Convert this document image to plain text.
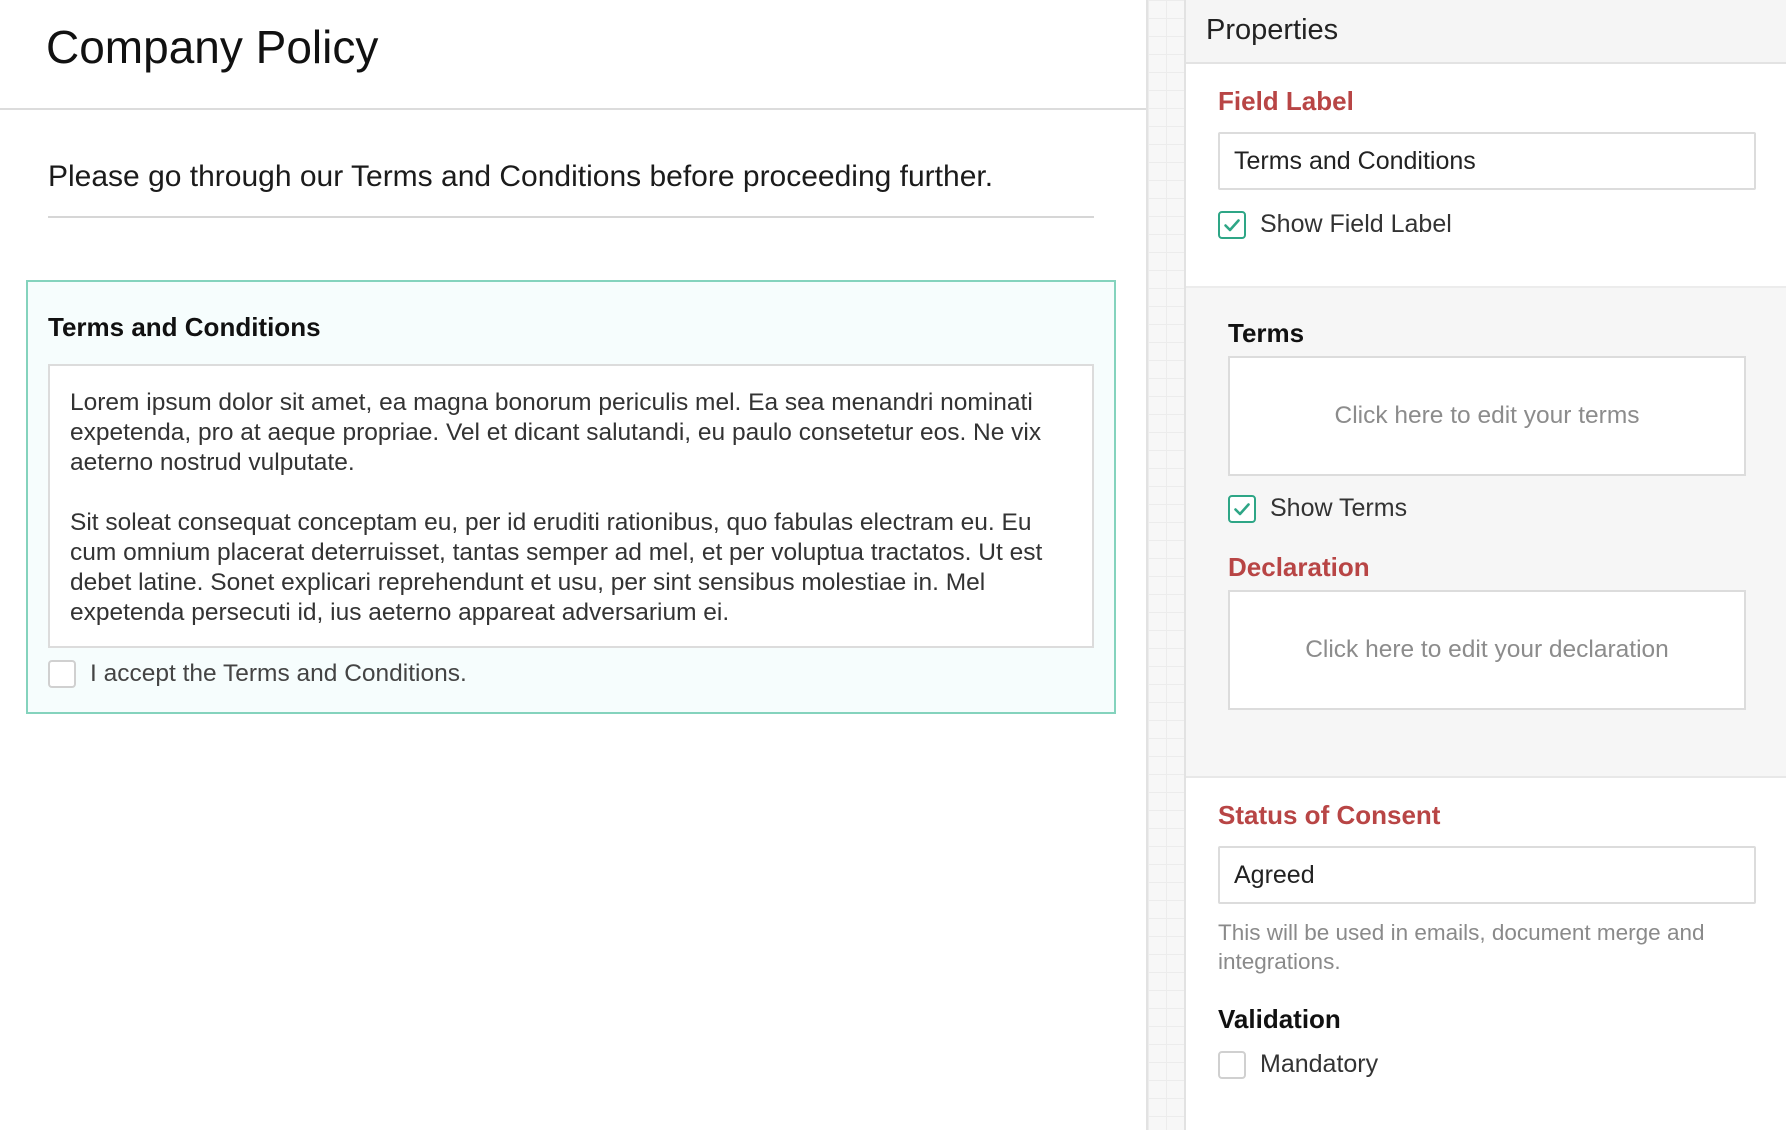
Company Policy
Please go through our Terms and Conditions before proceeding further.
Terms and Conditions

Lorem ipsum dolor sit amet, ea magna bonorum periculis mel. Ea sea menandri nominati expetenda, pro at aeque propriae. Vel et dicant salutandi, eu paulo consetetur eos. Ne vix aeterno nostrud vulputate.

Sit soleat consequat conceptam eu, per id eruditi rationibus, quo fabulas electram eu. Eu cum omnium placerat deterruisset, tantas semper ad mel, et per voluptua tractatos. Ut est debet latine. Sonet explicari reprehendunt et usu, per sint sensibus molestiae in. Mel expetenda persecuti id, ius aeterno appareat adversarium ei.

I accept the Terms and Conditions.
Properties
Field Label
Terms and Conditions
Show Field Label
Terms
Click here to edit your terms
Show Terms
Declaration
Click here to edit your declaration
Status of Consent
Agreed
This will be used in emails, document merge and integrations.
Validation
Mandatory
